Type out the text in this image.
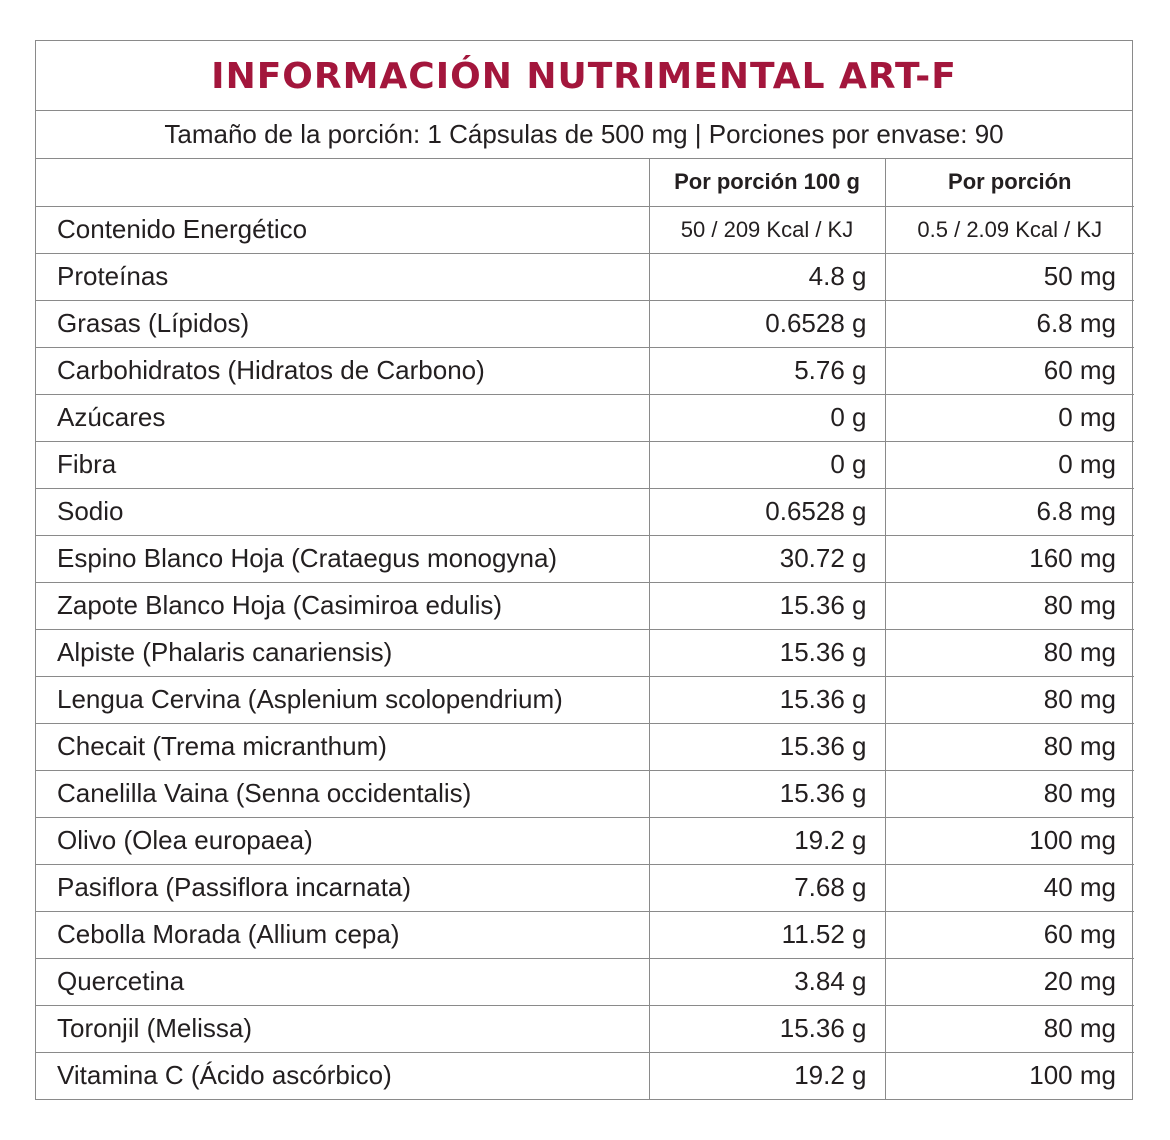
INFORMACIÓN NUTRIMENTAL ART-F
Tamaño de la porción: 1 Cápsulas de 500 mg | Porciones por envase: 90
	Por porción 100 g	Por porción
Contenido Energético	50 / 209 Kcal / KJ	0.5 / 2.09 Kcal / KJ
Proteínas	4.8 g	50 mg
Grasas (Lípidos)	0.6528 g	6.8 mg
Carbohidratos (Hidratos de Carbono)	5.76 g	60 mg
Azúcares	0 g	0 mg
Fibra	0 g	0 mg
Sodio	0.6528 g	6.8 mg
Espino Blanco Hoja (Crataegus monogyna)	30.72 g	160 mg
Zapote Blanco Hoja (Casimiroa edulis)	15.36 g	80 mg
Alpiste (Phalaris canariensis)	15.36 g	80 mg
Lengua Cervina (Asplenium scolopendrium)	15.36 g	80 mg
Checait (Trema micranthum)	15.36 g	80 mg
Canelilla Vaina (Senna occidentalis)	15.36 g	80 mg
Olivo (Olea europaea)	19.2 g	100 mg
Pasiflora (Passiflora incarnata)	7.68 g	40 mg
Cebolla Morada (Allium cepa)	11.52 g	60 mg
Quercetina	3.84 g	20 mg
Toronjil (Melissa)	15.36 g	80 mg
Vitamina C (Ácido ascórbico)	19.2 g	100 mg
